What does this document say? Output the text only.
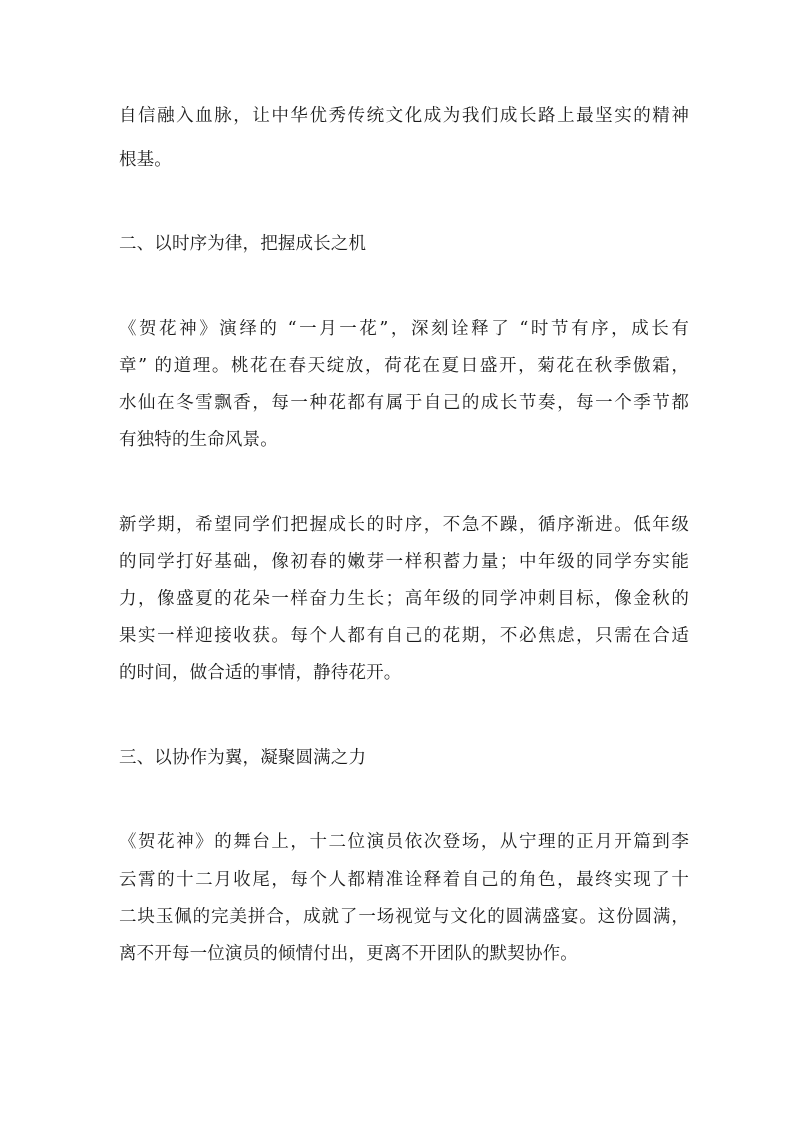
自信融入血脉，让中华优秀传统文化成为我们成长路上最坚实的精神
根基。
二、以时序为律，把握成长之机
《贺花神》演绎的 “一月一花”，深刻诠释了 “时节有序，成长有
章” 的道理。桃花在春天绽放，荷花在夏日盛开，菊花在秋季傲霜，
水仙在冬雪飘香，每一种花都有属于自己的成长节奏，每一个季节都
有独特的生命风景。
新学期，希望同学们把握成长的时序，不急不躁，循序渐进。低年级
的同学打好基础，像初春的嫩芽一样积蓄力量；中年级的同学夯实能
力，像盛夏的花朵一样奋力生长；高年级的同学冲刺目标，像金秋的
果实一样迎接收获。每个人都有自己的花期，不必焦虑，只需在合适
的时间，做合适的事情，静待花开。
三、以协作为翼，凝聚圆满之力
《贺花神》的舞台上，十二位演员依次登场，从宁理的正月开篇到李
云霄的十二月收尾，每个人都精准诠释着自己的角色，最终实现了十
二块玉佩的完美拼合，成就了一场视觉与文化的圆满盛宴。这份圆满，
离不开每一位演员的倾情付出，更离不开团队的默契协作。
